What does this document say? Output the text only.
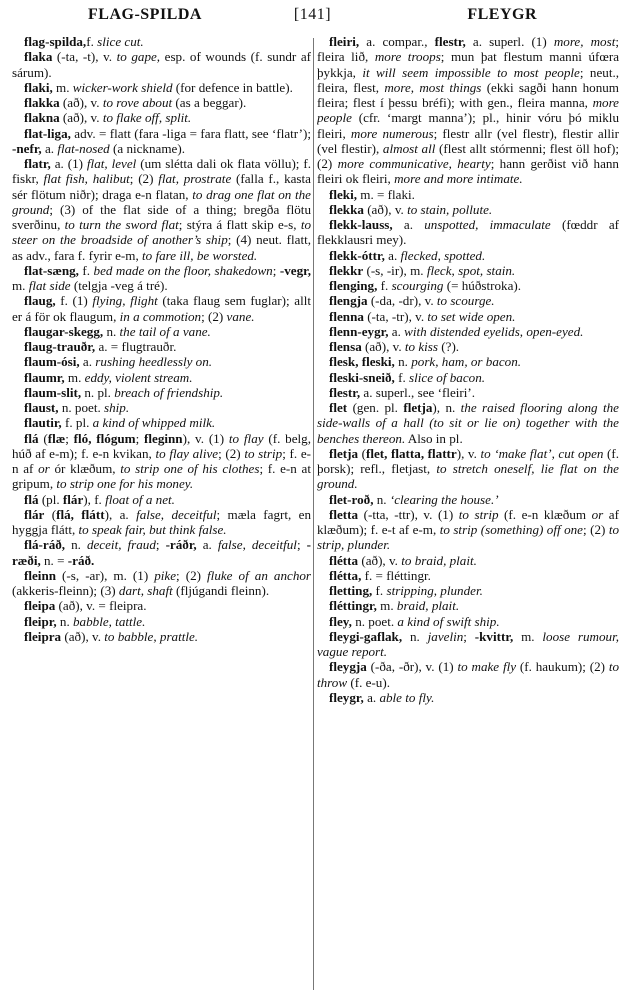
[141]
FLAG-SPILDA	FLEYGR

flag-spilda,f. slice cut.

flaka (-ta, -t), v. to gape, esp. of wounds (f. sundr af sárum).

flaki, m. wicker-work shield (for defence in battle).

flakka (að), v. to rove about (as a beggar).

flakna (að), v. to flake off, split.

flat-liga, adv. = flatt (fara -liga = fara flatt, see ‘flatr’); -nefr, a. flat-nosed (a nickname).

flatr, a. (1) flat, level (um slétta dali ok flata völlu); f. fiskr, flat fish, halibut; (2) flat, prostrate (falla f., kasta sér flötum niðr); draga e-n flatan, to drag one flat on the ground; (3) of the flat side of a thing; bregða flötu sverðinu, to turn the sword flat; stýra á flatt skip e-s, to steer on the broadside of another’s ship; (4) neut. flatt, as adv., fara f. fyrir e-m, to fare ill, be worsted.

flat-sæng, f. bed made on the floor, shakedown; -vegr, m. flat side (telgja -veg á tré).

flaug, f. (1) flying, flight (taka flaug sem fuglar); allt er á för ok flaugum, in a commotion; (2) vane.

flaugar-skegg, n. the tail of a vane.

flaug-trauðr, a. = flugtrauðr.

flaum-ósi, a. rushing heedlessly on.

flaumr, m. eddy, violent stream.

flaum-slit, n. pl. breach of friendship.

flaust, n. poet. ship.

flautir, f. pl. a kind of whipped milk.

flá (flæ; fló, flógum; fleginn), v. (1) to flay (f. belg, húð af e-m); f. e-n kvikan, to flay alive; (2) to strip; f. e-n af or ór klæðum, to strip one of his clothes; f. e-n at gripum, to strip one for his money.

flá (pl. flár), f. float of a net.

flár (flá, flátt), a. false, deceitful; mæla fagrt, en hyggja flátt, to speak fair, but think false.

flá-ráð, n. deceit, fraud; -ráðr, a. false, deceitful; -ræði, n. = -ráð.

fleinn (-s, -ar), m. (1) pike; (2) fluke of an anchor (akkeris-fleinn); (3) dart, shaft (fljúgandi fleinn).

fleipa (að), v. = fleipra.

fleipr, n. babble, tattle.

fleipra (að), v. to babble, prattle.

fleiri, a. compar., flestr, a. superl. (1) more, most; fleira lið, more troops; mun þat flestum manni úfœra þykkja, it will seem impossible to most people; neut., fleira, flest, more, most things (ekki sagði hann honum fleira; flest í þessu bréfi); with gen., fleira manna, more people (cfr. ‘margt manna’); pl., hinir vóru þó miklu fleiri, more numerous; flestr allr (vel flestr), flestir allir (vel flestir), almost all (flest allt stórmenni; flest öll hof); (2) more communicative, hearty; hann gerðist við hann fleiri ok fleiri, more and more intimate.

fleki, m. = flaki.

flekka (að), v. to stain, pollute.

flekk-lauss, a. unspotted, immaculate (fœddr af flekklausri mey).

flekk-óttr, a. flecked, spotted.

flekkr (-s, -ir), m. fleck, spot, stain.

flenging, f. scourging (= húðstroka).

flengja (-da, -dr), v. to scourge.

flenna (-ta, -tr), v. to set wide open.

flenn-eygr, a. with distended eyelids, open-eyed.

flensa (að), v. to kiss (?).

flesk, fleski, n. pork, ham, or bacon.

fleski-sneið, f. slice of bacon.

flestr, a. superl., see ‘fleiri’.

flet (gen. pl. fletja), n. the raised flooring along the side-walls of a hall (to sit or lie on) together with the benches thereon. Also in pl.

fletja (flet, flatta, flattr), v. to ‘make flat’, cut open (f. þorsk); refl., fletjast, to stretch oneself, lie flat on the ground.

flet-roð, n. ‘clearing the house.’

fletta (-tta, -ttr), v. (1) to strip (f. e-n klæðum or af klæðum); f. e-t af e-m, to strip (something) off one; (2) to strip, plunder.

flétta (að), v. to braid, plait.

flétta, f. = fléttingr.

fletting, f. stripping, plunder.

fléttingr, m. braid, plait.

fley, n. poet. a kind of swift ship.

fleygi-gaflak, n. javelin; -kvittr, m. loose rumour, vague report.

fleygja (-ða, -ðr), v. (1) to make fly (f. haukum); (2) to throw (f. e-u).

fleygr, a. able to fly.
